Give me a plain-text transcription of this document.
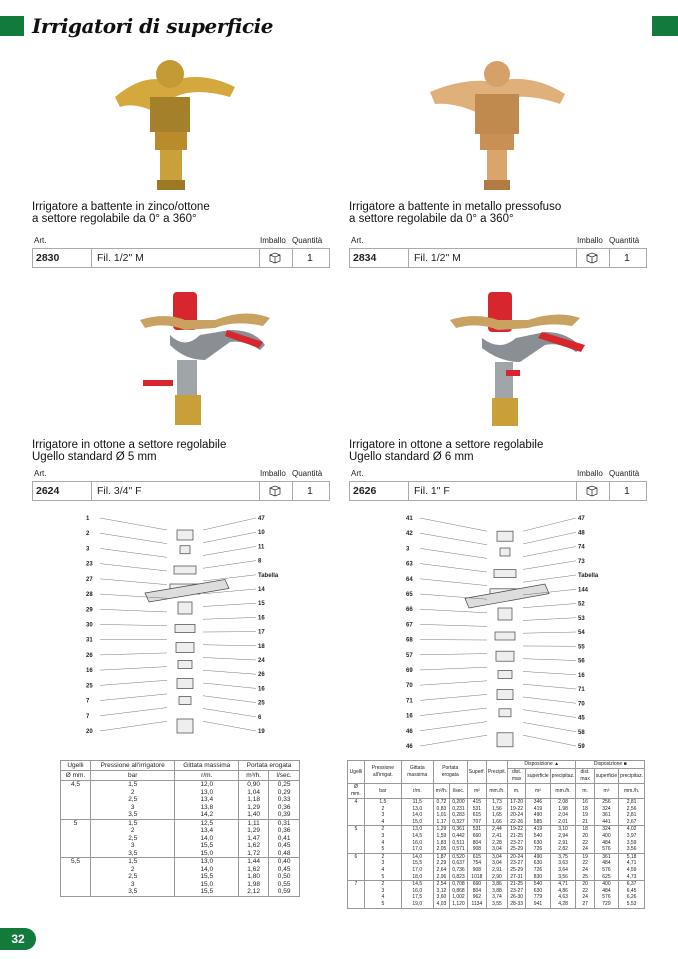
Irrigatori di superficie
Irrigatore a battente in zinco/ottone
a settore regolabile da 0° a 360°
Art.	Imballo Quantità
2830	Fil. 1/2" M	1
Irrigatore a battente in metallo pressofuso
a settore regolabile da 0° a 360°
Art.	Imballo Quantità
2834	Fil. 1/2" M	1
Irrigatore in ottone a settore regolabile
Ugello standard Ø 5 mm
Art.	Imballo Quantità
2624	Fil. 3/4" F	1
Irrigatore in ottone a settore regolabile
Ugello standard Ø 6 mm
Art.	Imballo Quantità
2626	Fil. 1" F	1
1
2
3
23
27
28
29
30
31
26
16
25
7
7
20
47
10
11
8
Tabella
14
15
16
17
18
24
26
16
25
6
19
41
42
3
63
64
65
66
67
68
57
69
70
71
16
46
46
47
48
74
73
Tabella
144
52
53
54
55
56
16
71
70
45
58
59
Ugelli	Pressione all'irrigatore	Gittata massima	Portata erogata	
Ø mm.	bar	r/m.	m³/h.	l/sec.
4,5	1,5	12,0	0,90	0,25
	2	13,0	1,04	0,29
	2,5	13,4	1,18	0,33
	3	13,8	1,29	0,36
	3,5	14,2	1,40	0,39
5	1,5	12,5	1,11	0,31
	2	13,4	1,29	0,36
	2,5	14,0	1,47	0,41
	3	15,5	1,62	0,45
	3,5	15,0	1,72	0,48
5,5	1,5	13,0	1,44	0,40
	2	14,0	1,62	0,45
	2,5	15,5	1,80	0,50
	3	15,0	1,98	0,55
	3,5	15,5	2,12	0,59
Ugelli	Pressione all'irrigat.	Gittata massima	Portata erogata		Superf.	Precipit.	Disposizione ▲			Disposizione ■		
							dist. max	superficie	precipitaz.	dist. max	superficie	precipitaz.
Ø mm.	bar	r/m.	m³/h.	l/sec.	m²	mm./h.	m.	m²	mm./h.	m.	m²	mm./h.
4	1,5	11,5	0,72	0,200	415	1,73	17-20	346	2,08	16	256	2,81
	2	13,0	0,83	0,231	531	1,56	19-22	419	1,98	18	324	2,56
	3	14,0	1,01	0,283	615	1,65	20-24	490	2,04	19	361	2,81
	4	15,0	1,17	0,327	707	1,66	22-26	585	2,01	21	441	2,67
5	2	13,0	1,29	0,361	531	2,44	19-22	419	3,10	18	324	4,02
	3	14,5	1,59	0,442	660	2,41	21-25	540	2,94	20	400	3,97
	4	16,0	1,83	0,511	804	2,28	23-27	630	2,91	22	484	3,59
	5	17,0	2,05	0,571	908	3,04	25-29	726	2,82	24	576	3,56
6	2	14,0	1,87	0,520	615	3,04	20-24	490	3,75	19	361	5,18
	3	15,5	2,29	0,637	754	3,04	23-27	630	3,63	22	484	4,71
	4	17,0	2,64	0,736	908	2,91	25-29	726	3,64	24	576	4,59
	5	18,0	2,96	0,823	1018	2,90	27-31	830	3,56	25	625	4,73
7	2	14,5	2,54	0,708	660	3,86	21-25	540	4,71	20	400	6,37
	3	16,0	3,12	0,868	804	3,88	23-27	630	4,86	22	484	6,45
	4	17,5	3,60	1,002	962	3,74	26-30	779	4,63	24	576	6,26
	5	19,0	4,03	1,120	1134	3,55	28-33	941	4,28	27	729	5,53
32
